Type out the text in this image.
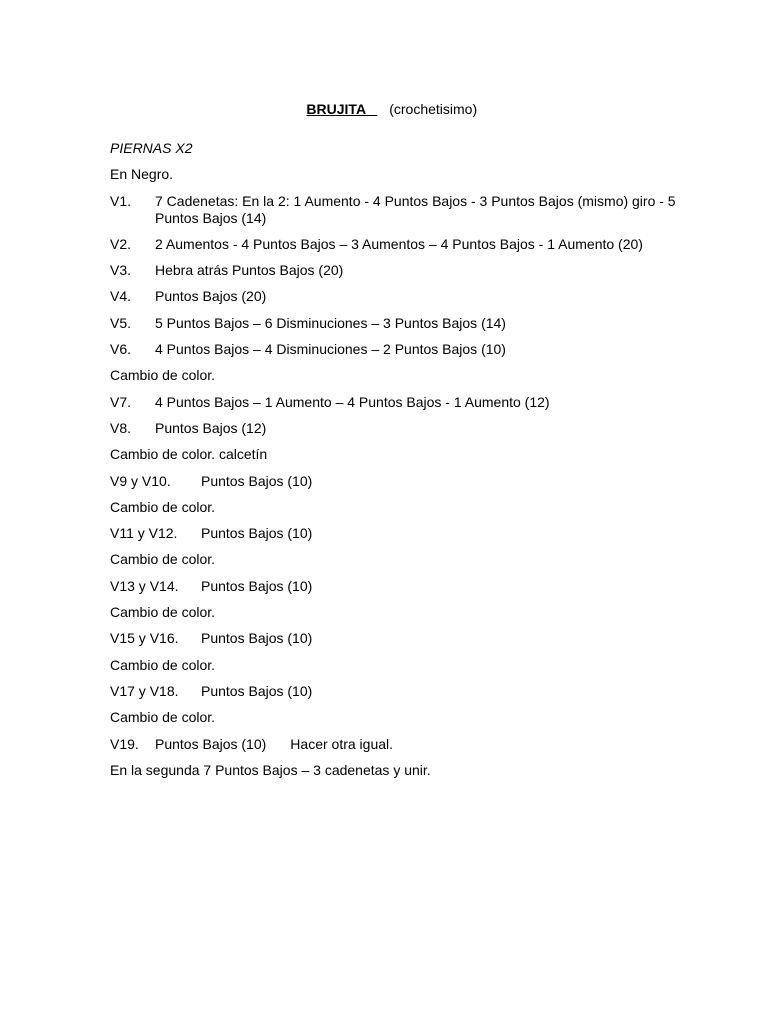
BRUJITA (crochetisimo)

PIERNAS X2
En Negro.
V1.	7 Cadenetas: En la 2: 1 Aumento - 4 Puntos Bajos - 3 Puntos Bajos (mismo) giro - 5 Puntos Bajos (14)
V2.	2 Aumentos - 4 Puntos Bajos – 3 Aumentos – 4 Puntos Bajos - 1 Aumento (20)
V3.	Hebra atrás Puntos Bajos (20)
V4.	Puntos Bajos (20)
V5.	5 Puntos Bajos – 6 Disminuciones – 3 Puntos Bajos (14)
V6.	4 Puntos Bajos – 4 Disminuciones – 2 Puntos Bajos (10)
Cambio de color.
V7.	4 Puntos Bajos – 1 Aumento – 4 Puntos Bajos - 1 Aumento (12)
V8.	Puntos Bajos (12)
Cambio de color. calcetín
V9 y V10.	Puntos Bajos (10)
Cambio de color.
V11 y V12.	Puntos Bajos (10)
Cambio de color.
V13 y V14.	Puntos Bajos (10)
Cambio de color.
V15 y V16.	Puntos Bajos (10)
Cambio de color.
V17 y V18.	Puntos Bajos (10)
Cambio de color.
V19.	Puntos Bajos (10) Hacer otra igual.
En la segunda 7 Puntos Bajos – 3 cadenetas y unir.
